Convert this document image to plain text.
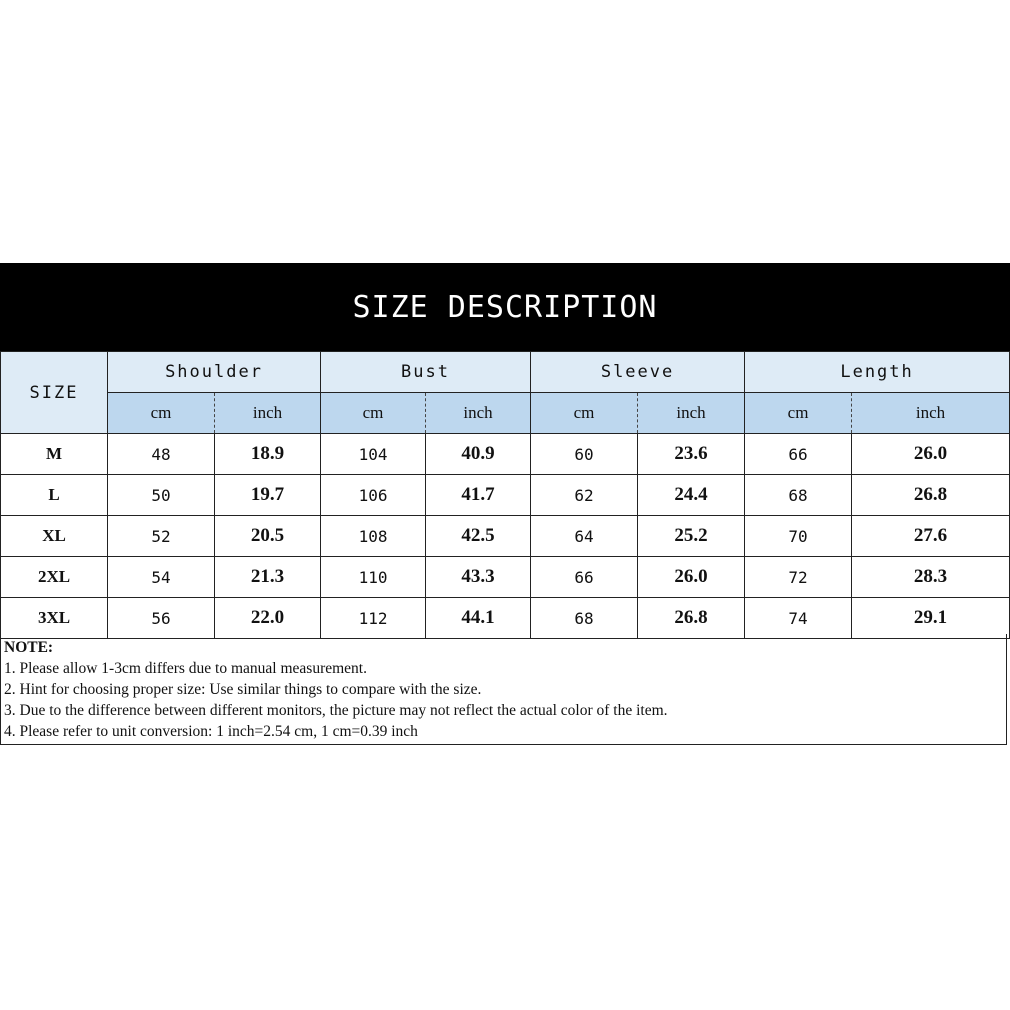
SIZE DESCRIPTION
SIZE	Shoulder		Bust		Sleeve		Length	
	cm	inch	cm	inch	cm	inch	cm	inch
M	48	18.9	104	40.9	60	23.6	66	26.0
L	50	19.7	106	41.7	62	24.4	68	26.8
XL	52	20.5	108	42.5	64	25.2	70	27.6
2XL	54	21.3	110	43.3	66	26.0	72	28.3
3XL	56	22.0	112	44.1	68	26.8	74	29.1
NOTE:
1. Please allow 1-3cm differs due to manual measurement.
2. Hint for choosing proper size: Use similar things to compare with the size.
3. Due to the difference between different monitors, the picture may not reflect the actual color of the item.
4. Please refer to unit conversion: 1 inch=2.54 cm, 1 cm=0.39 inch
